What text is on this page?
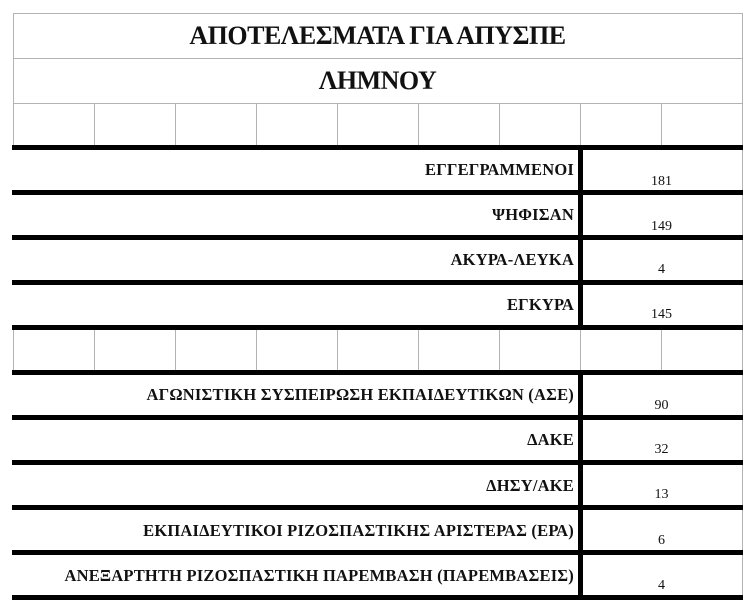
ΑΠΟΤΕΛΕΣΜΑΤΑ ΓΙΑ ΑΠΥΣΠΕ
ΛΗΜΝΟΥ
ΕΓΓΕΓΡΑΜΜΕΝΟΙ
181
ΨΗΦΙΣΑΝ
149
ΑΚΥΡΑ-ΛΕΥΚΑ
4
ΕΓΚΥΡΑ
145
ΑΓΩΝΙΣΤΙΚΗ ΣΥΣΠΕΙΡΩΣΗ ΕΚΠΑΙΔΕΥΤΙΚΩΝ (ΑΣΕ)
90
ΔΑΚΕ
32
ΔΗΣΥ/ΑΚΕ	13
ΕΚΠΑΙΔΕΥΤΙΚΟΙ ΡΙΖΟΣΠΑΣΤΙΚΗΣ ΑΡΙΣΤΕΡΑΣ (ΕΡΑ)
6
ΑΝΕΞΑΡΤΗΤΗ ΡΙΖΟΣΠΑΣΤΙΚΗ ΠΑΡΕΜΒΑΣΗ (ΠΑΡΕΜΒΑΣΕΙΣ)
4
